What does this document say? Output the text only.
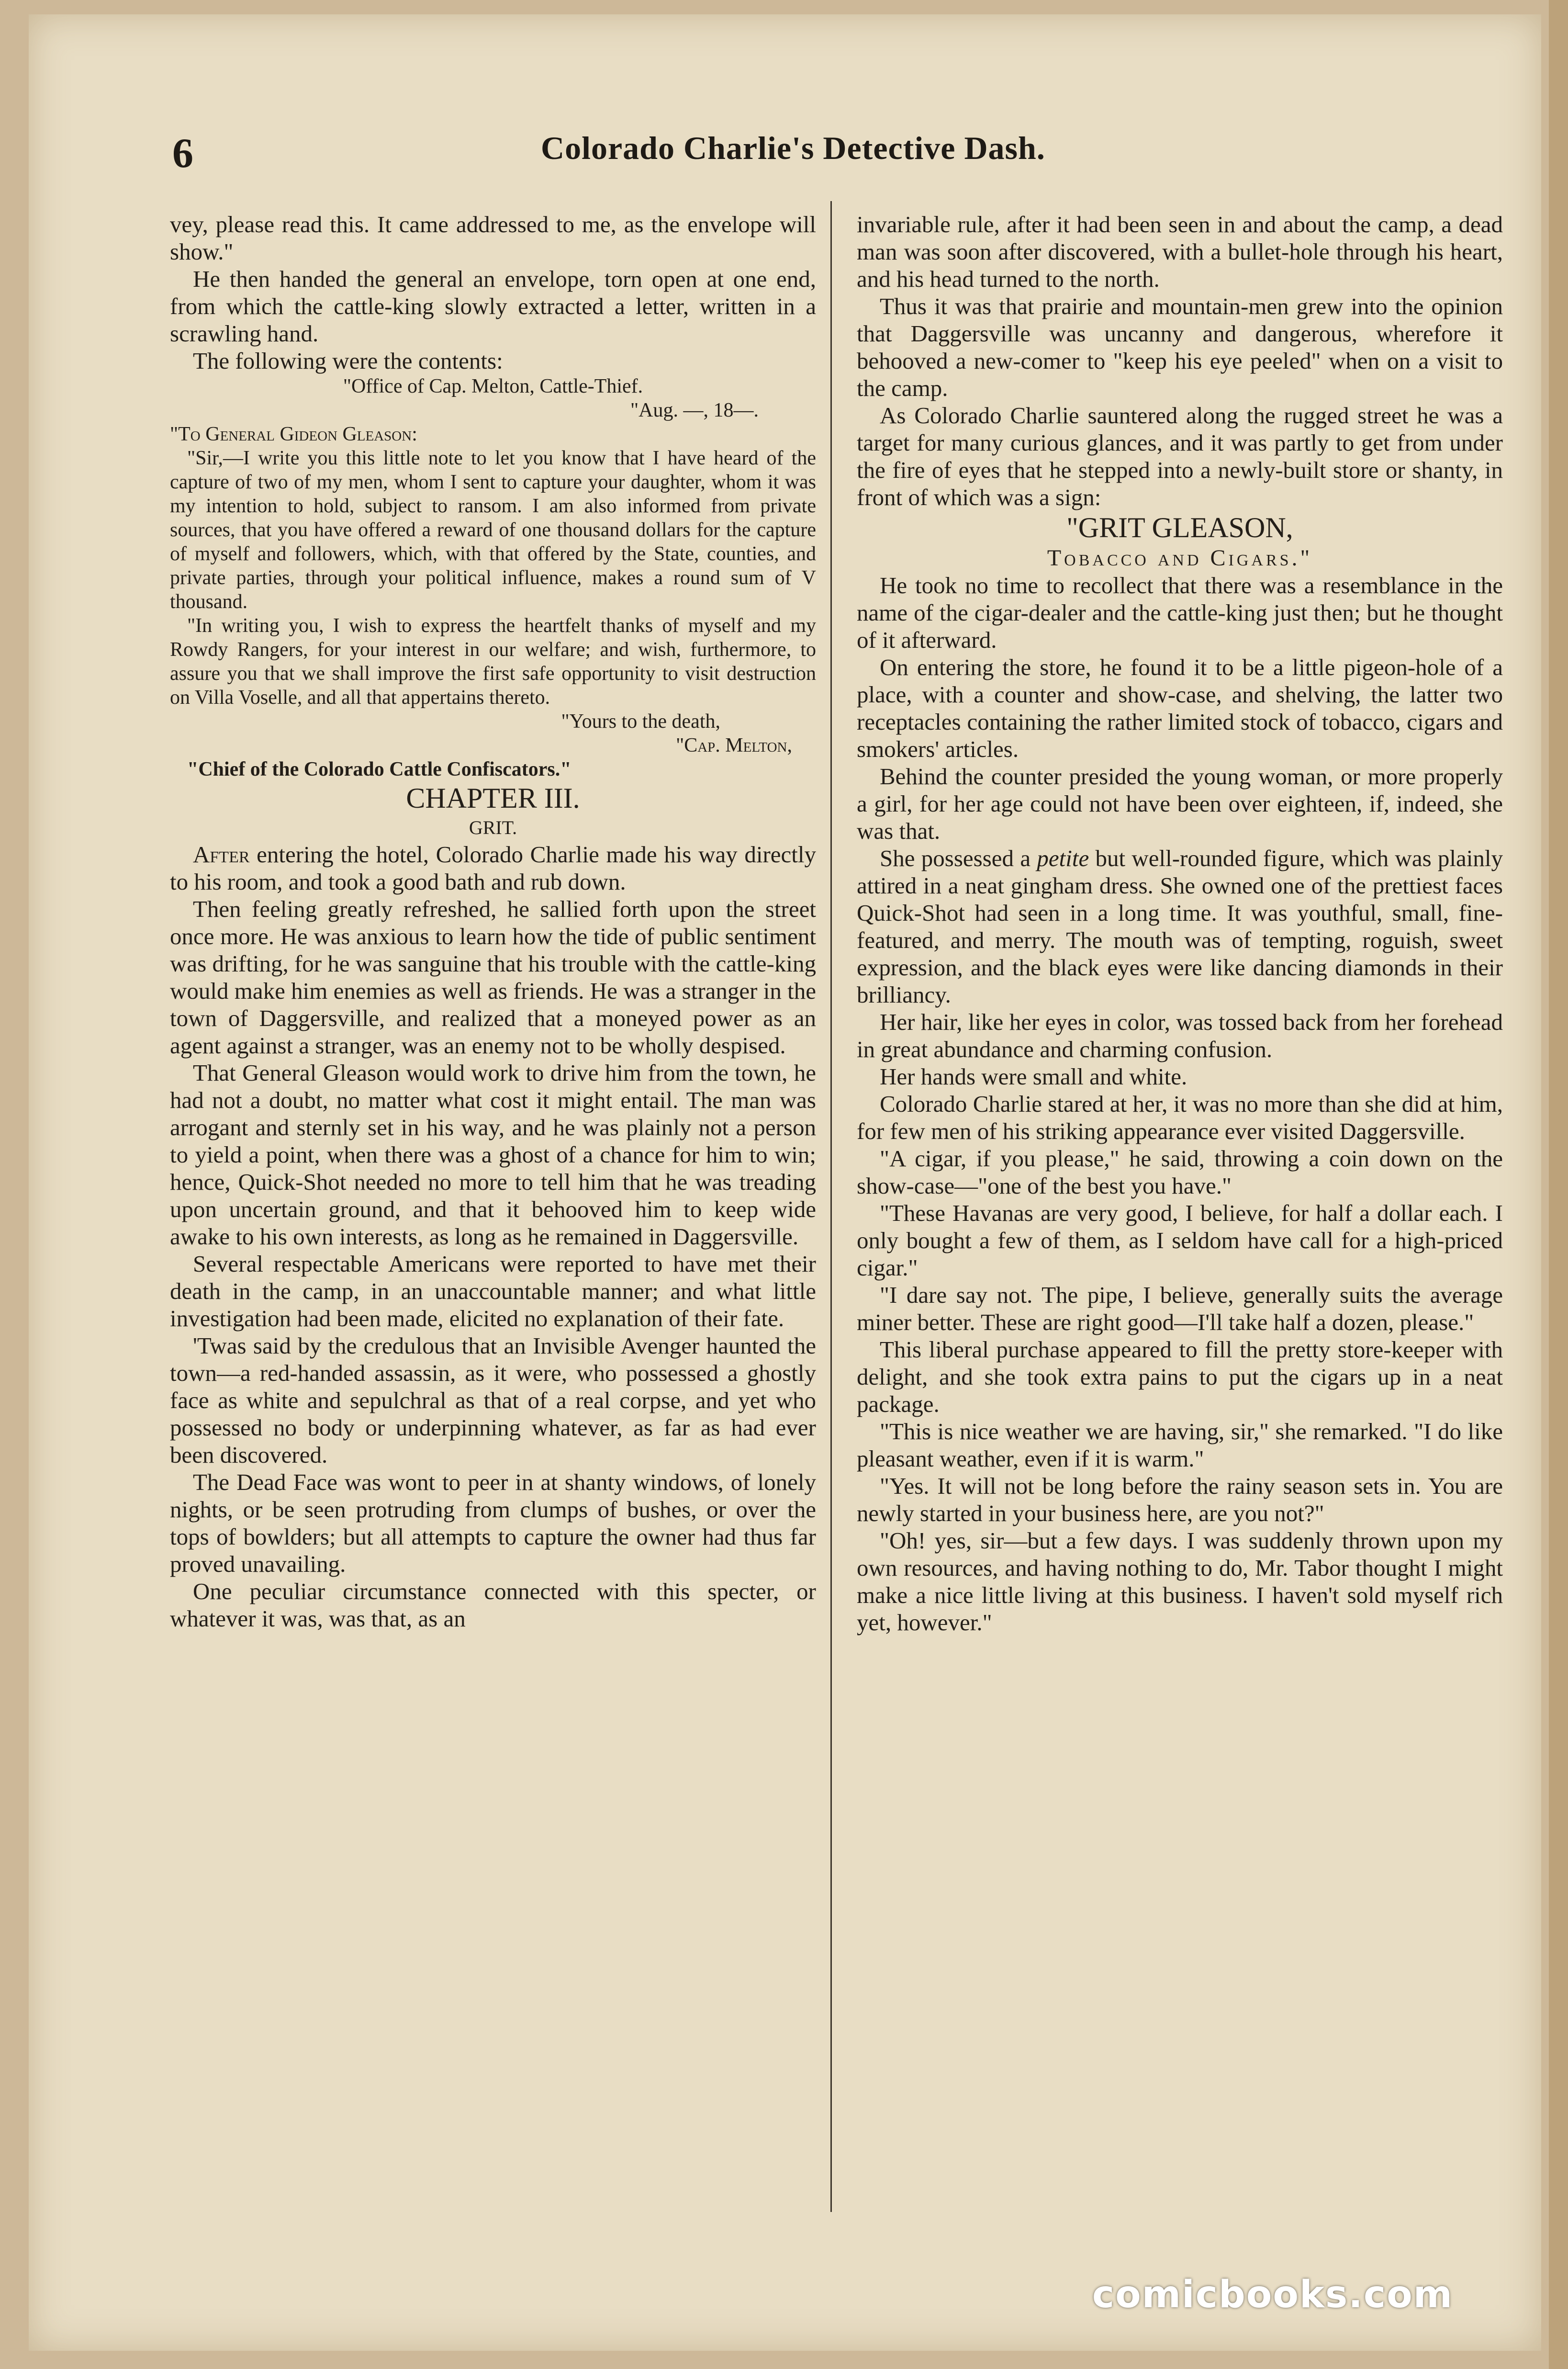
6	Colorado Charlie's Detective Dash.

vey, please read this. It came addressed to me, as the envelope will show."

He then handed the general an envelope, torn open at one end, from which the cattle-king slowly extracted a letter, written in a scrawling hand.

The following were the contents:

"Office of Cap. Melton, Cattle-Thief.

"Aug. —, 18—.

"To General Gideon Gleason:

"Sir,—I write you this little note to let you know that I have heard of the capture of two of my men, whom I sent to capture your daughter, whom it was my intention to hold, subject to ransom. I am also informed from private sources, that you have offered a reward of one thousand dollars for the capture of myself and followers, which, with that offered by the State, counties, and private parties, through your political influence, makes a round sum of V thousand.

"In writing you, I wish to express the heartfelt thanks of myself and my Rowdy Rangers, for your interest in our welfare; and wish, furthermore, to assure you that we shall improve the first safe opportunity to visit destruction on Villa Voselle, and all that appertains thereto.

"Yours to the death,

"Cap. Melton,

"Chief of the Colorado Cattle Confiscators."

CHAPTER III.

GRIT.

After entering the hotel, Colorado Charlie made his way directly to his room, and took a good bath and rub down.

Then feeling greatly refreshed, he sallied forth upon the street once more. He was anxious to learn how the tide of public sentiment was drifting, for he was sanguine that his trouble with the cattle-king would make him enemies as well as friends. He was a stranger in the town of Daggersville, and realized that a moneyed power as an agent against a stranger, was an enemy not to be wholly despised.

That General Gleason would work to drive him from the town, he had not a doubt, no matter what cost it might entail. The man was arrogant and sternly set in his way, and he was plainly not a person to yield a point, when there was a ghost of a chance for him to win; hence, Quick-Shot needed no more to tell him that he was treading upon uncertain ground, and that it behooved him to keep wide awake to his own interests, as long as he remained in Daggersville.

Several respectable Americans were reported to have met their death in the camp, in an unaccountable manner; and what little investigation had been made, elicited no explanation of their fate.

'Twas said by the credulous that an Invisible Avenger haunted the town—a red-handed assassin, as it were, who possessed a ghostly face as white and sepulchral as that of a real corpse, and yet who possessed no body or underpinning whatever, as far as had ever been discovered.

The Dead Face was wont to peer in at shanty windows, of lonely nights, or be seen protruding from clumps of bushes, or over the tops of bowlders; but all attempts to capture the owner had thus far proved unavailing.

One peculiar circumstance connected with this specter, or whatever it was, was that, as an

invariable rule, after it had been seen in and about the camp, a dead man was soon after discovered, with a bullet-hole through his heart, and his head turned to the north.

Thus it was that prairie and mountain-men grew into the opinion that Daggersville was uncanny and dangerous, wherefore it behooved a new-comer to "keep his eye peeled" when on a visit to the camp.

As Colorado Charlie sauntered along the rugged street he was a target for many curious glances, and it was partly to get from under the fire of eyes that he stepped into a newly-built store or shanty, in front of which was a sign:

"GRIT GLEASON,

Tobacco and Cigars."

He took no time to recollect that there was a resemblance in the name of the cigar-dealer and the cattle-king just then; but he thought of it afterward.

On entering the store, he found it to be a little pigeon-hole of a place, with a counter and show-case, and shelving, the latter two receptacles containing the rather limited stock of tobacco, cigars and smokers' articles.

Behind the counter presided the young woman, or more properly a girl, for her age could not have been over eighteen, if, indeed, she was that.

She possessed a petite but well-rounded figure, which was plainly attired in a neat gingham dress. She owned one of the prettiest faces Quick-Shot had seen in a long time. It was youthful, small, fine-featured, and merry. The mouth was of tempting, roguish, sweet expression, and the black eyes were like dancing diamonds in their brilliancy.

Her hair, like her eyes in color, was tossed back from her forehead in great abundance and charming confusion.

Her hands were small and white.

Colorado Charlie stared at her, it was no more than she did at him, for few men of his striking appearance ever visited Daggersville.

"A cigar, if you please," he said, throwing a coin down on the show-case—"one of the best you have."

"These Havanas are very good, I believe, for half a dollar each. I only bought a few of them, as I seldom have call for a high-priced cigar."

"I dare say not. The pipe, I believe, generally suits the average miner better. These are right good—I'll take half a dozen, please."

This liberal purchase appeared to fill the pretty store-keeper with delight, and she took extra pains to put the cigars up in a neat package.

"This is nice weather we are having, sir," she remarked. "I do like pleasant weather, even if it is warm."

"Yes. It will not be long before the rainy season sets in. You are newly started in your business here, are you not?"

"Oh! yes, sir—but a few days. I was suddenly thrown upon my own resources, and having nothing to do, Mr. Tabor thought I might make a nice little living at this business. I haven't sold myself rich yet, however."

comicbooks.com
